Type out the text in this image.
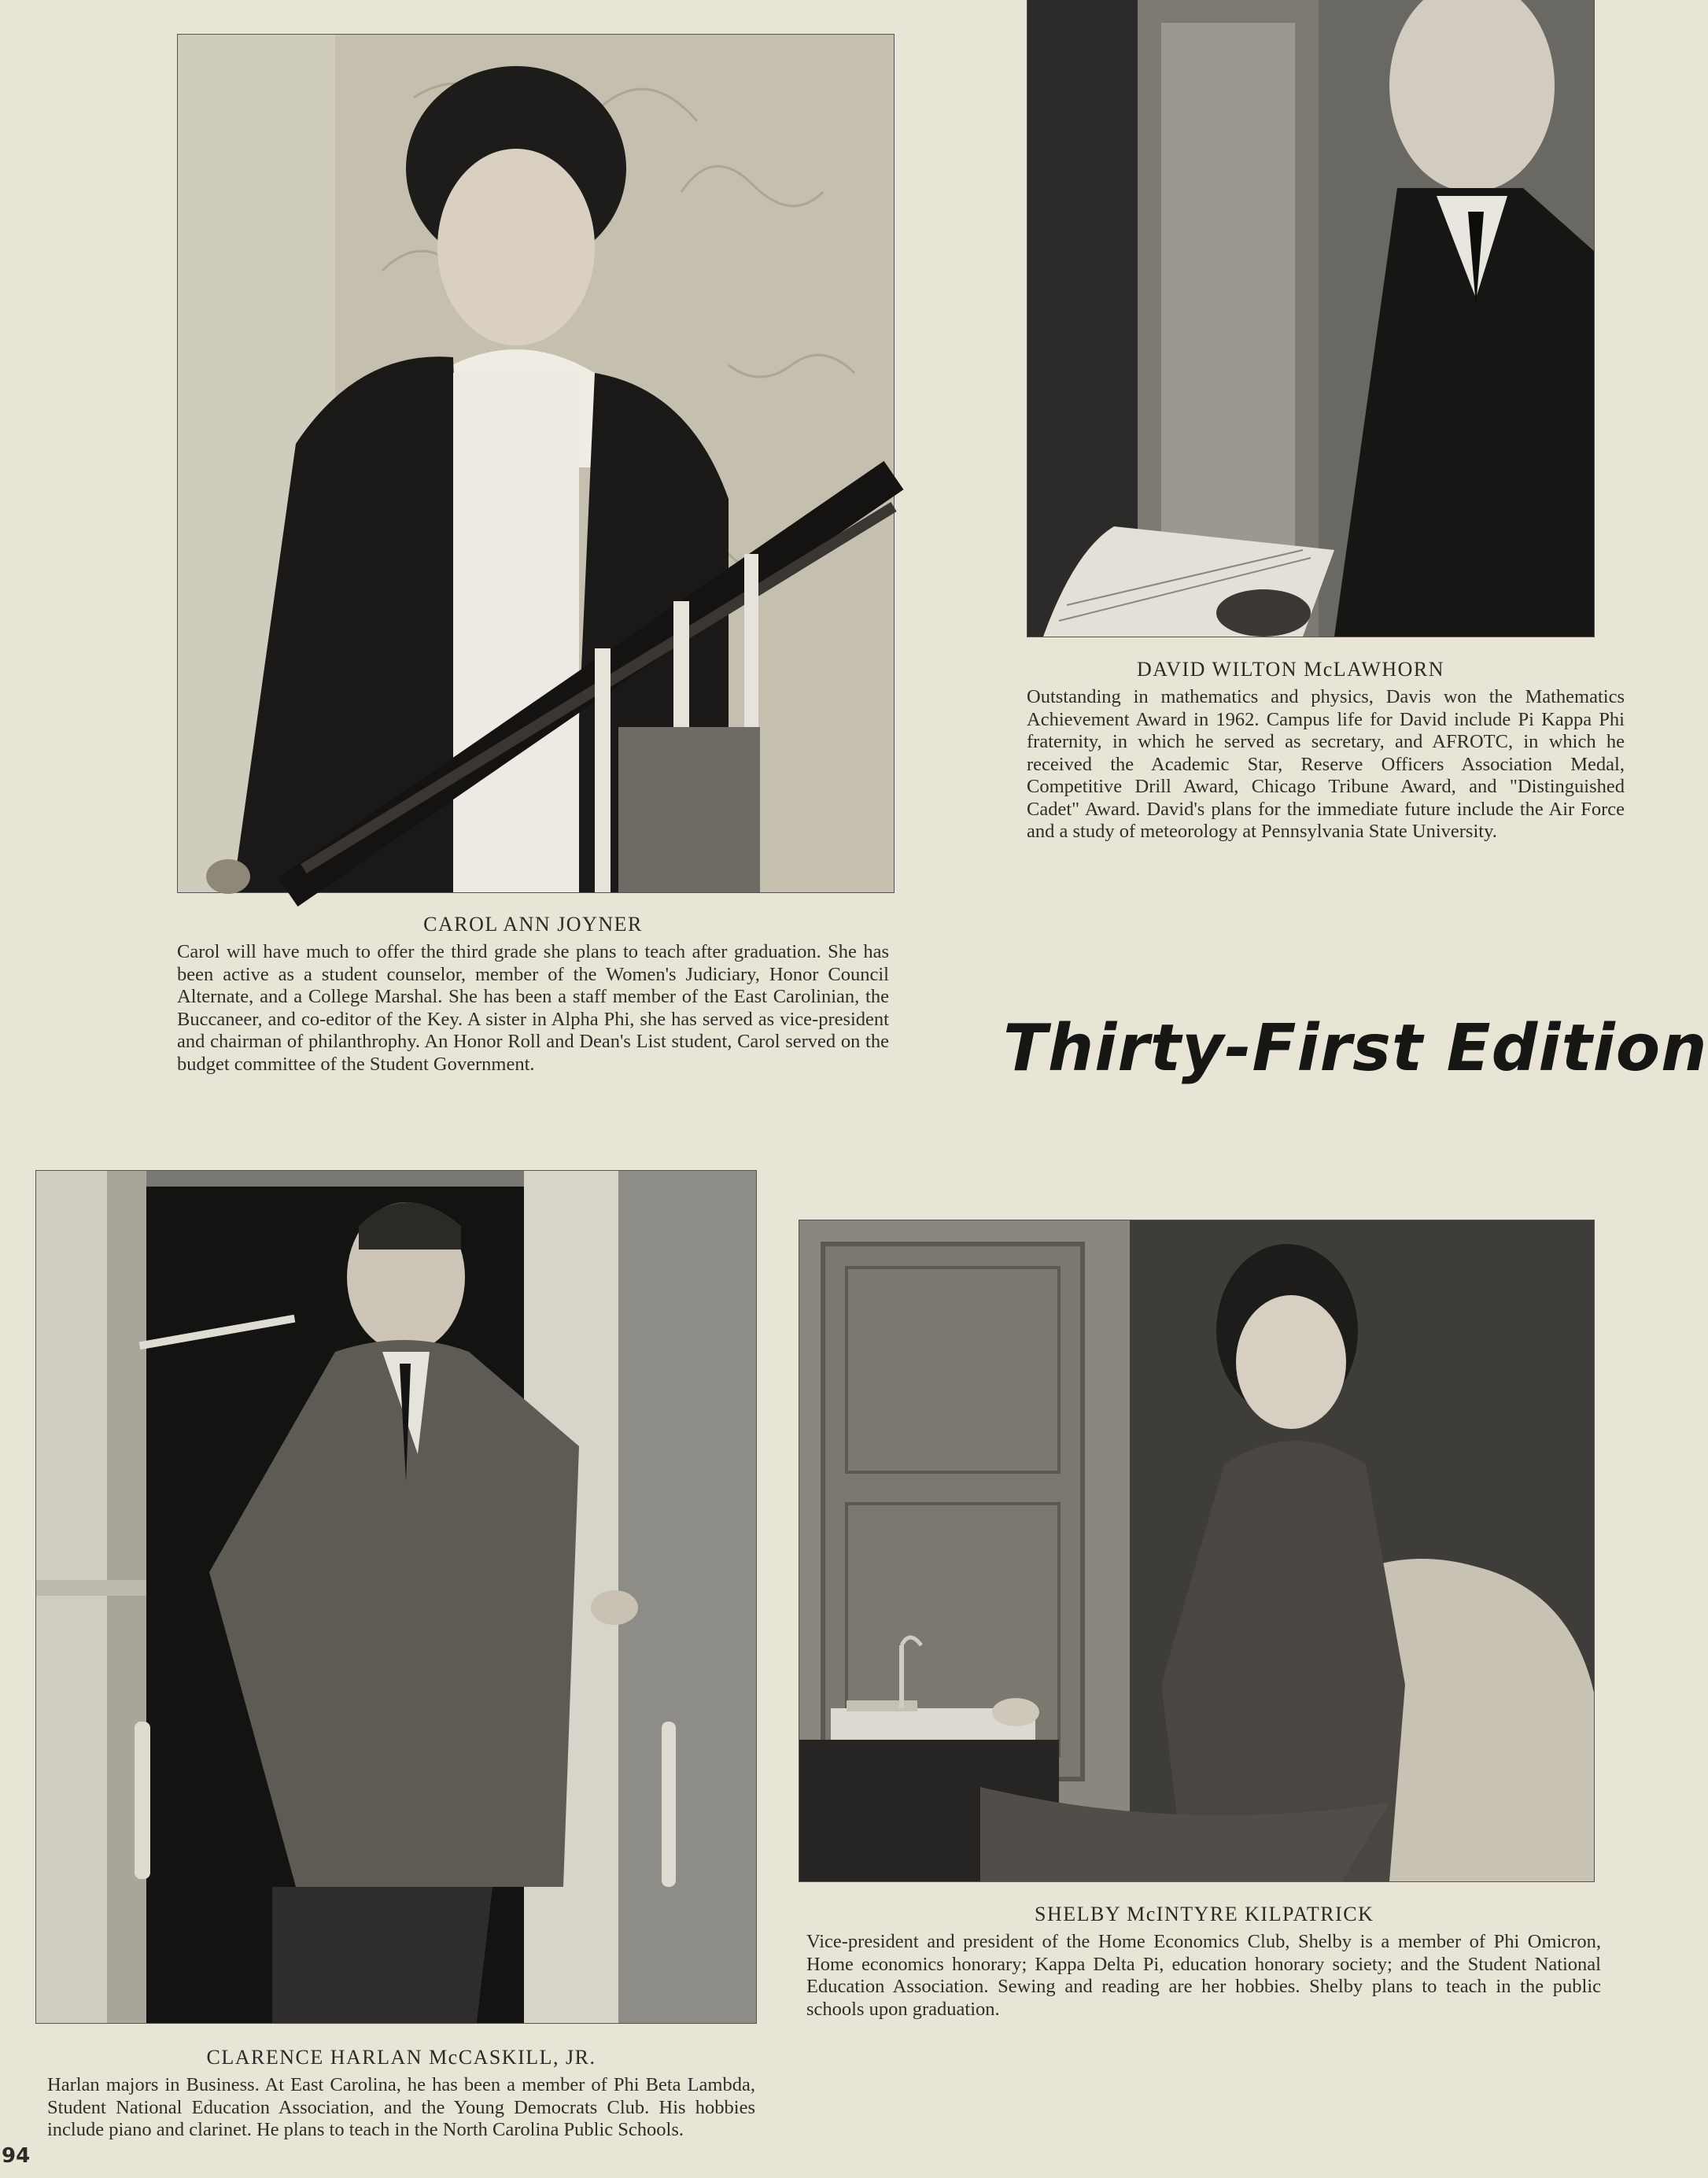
CAROL ANN JOYNER

Carol will have much to offer the third grade she plans to teach after graduation. She has been active as a student counselor, member of the Women's Judiciary, Honor Council Alternate, and a College Marshal. She has been a staff member of the East Carolinian, the Buccaneer, and co-editor of the Key. A sister in Alpha Phi, she has served as vice-president and chairman of philanthrophy. An Honor Roll and Dean's List student, Carol served on the budget committee of the Student Government.

DAVID WILTON McLAWHORN

Outstanding in mathematics and physics, Davis won the Mathematics Achievement Award in 1962. Campus life for David include Pi Kappa Phi fraternity, in which he served as secretary, and AFROTC, in which he received the Academic Star, Reserve Officers Association Medal, Competitive Drill Award, Chicago Tribune Award, and "Distinguished Cadet" Award. David's plans for the immediate future include the Air Force and a study of meteorology at Pennsylvania State University.

Thirty-First Edition

CLARENCE HARLAN McCASKILL, JR.

Harlan majors in Business. At East Carolina, he has been a member of Phi Beta Lambda, Student National Education Association, and the Young Democrats Club. His hobbies include piano and clarinet. He plans to teach in the North Carolina Public Schools.

94

SHELBY McINTYRE KILPATRICK

Vice-president and president of the Home Economics Club, Shelby is a member of Phi Omicron, Home economics honorary; Kappa Delta Pi, education honorary society; and the Student National Education Association. Sewing and reading are her hobbies. Shelby plans to teach in the public schools upon graduation.
